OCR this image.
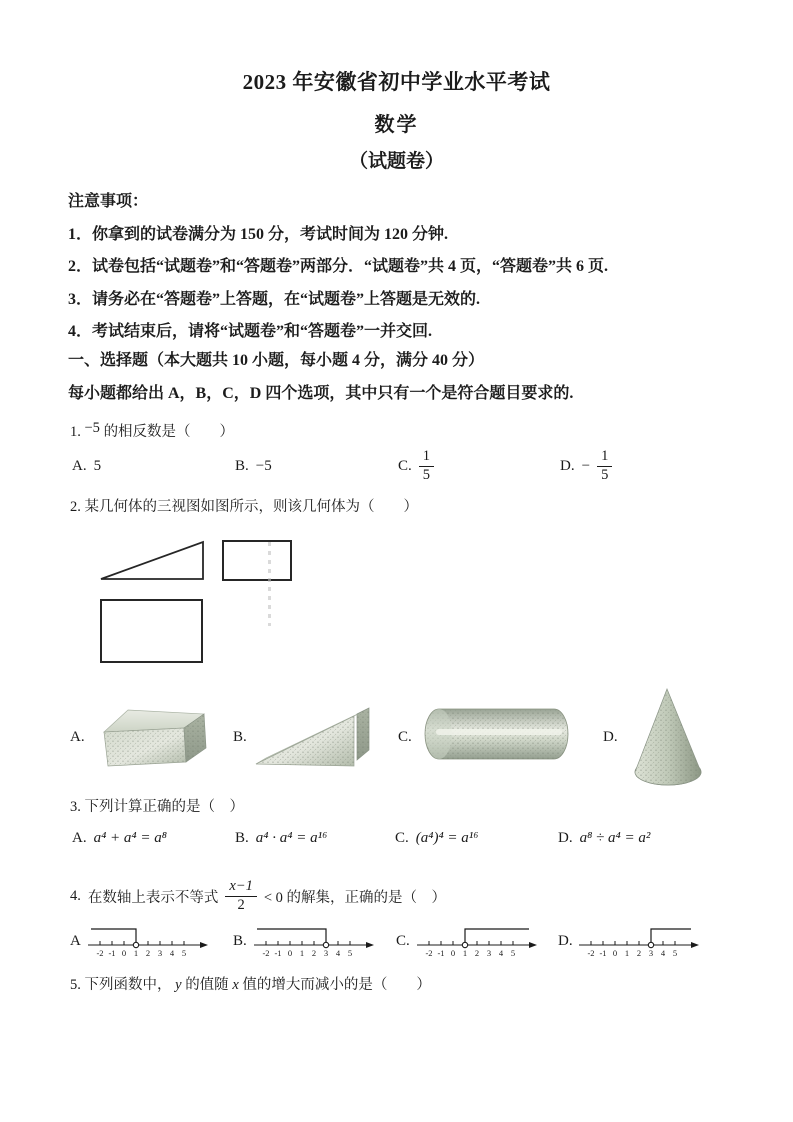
2023 年安徽省初中学业水平考试
数学
（试题卷）
注意事项：
1．你拿到的试卷满分为 150 分，考试时间为 120 分钟.
2．试卷包括“试题卷”和“答题卷”两部分．“试题卷”共 4 页，“答题卷”共 6 页.
3．请务必在“答题卷”上答题，在“试题卷”上答题是无效的.
4．考试结束后，请将“试题卷”和“答题卷”一并交回.
一、选择题（本大题共 10 小题，每小题 4 分，满分 40 分）
每小题都给出 A，B，C，D 四个选项，其中只有一个是符合题目要求的.
1. −5 的相反数是（　　）
A. 5	B. −5	C. $\frac{1}{5}$	D. − $\frac{1}{5}$
2. 某几何体的三视图如图所示，则该几何体为（　　）
A.	B.	C.	D.
3. 下列计算正确的是（　）
A. a⁴ + a⁴ = a⁸	B. a⁴ · a⁴ = a¹⁶	C. (a⁴)⁴ = a¹⁶	D. a⁸ ÷ a⁴ = a²
4. 在数轴上表示不等式 $\frac{x-1}{2} < 0$ 的解集，正确的是（　）
A
-2 -1 0 1 2 3 4 5
B.
-2 -1 0 1 2 3 4 5
C.
-2 -1 0 1 2 3 4 5
D.
-2 -1 0 1 2 3 4 5
5. 下列函数中， y 的值随 x 值的增大而减小的是（　　）
